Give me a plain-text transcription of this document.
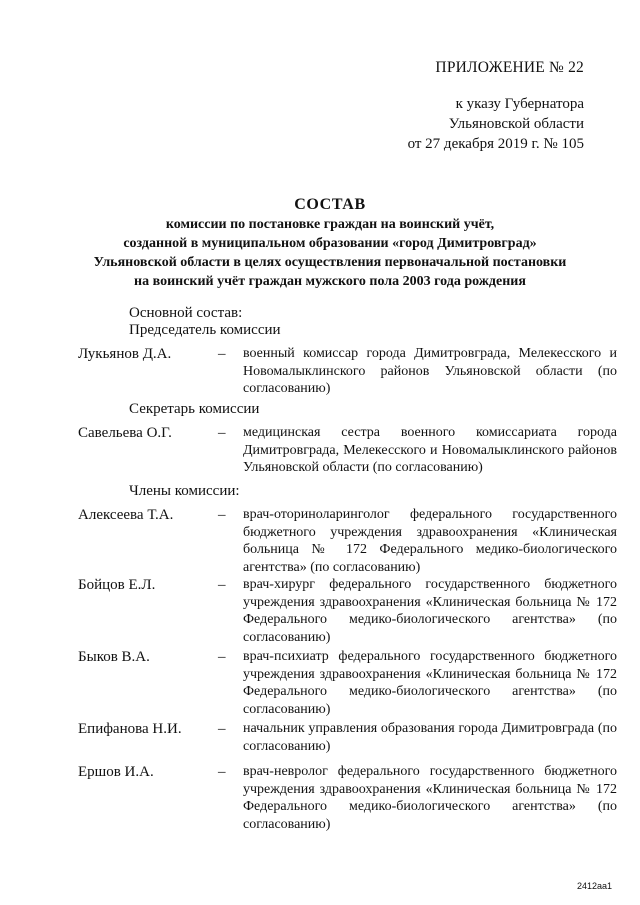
ПРИЛОЖЕНИЕ № 22
к указу Губернатора
Ульяновской области
от 27 декабря 2019 г. № 105
СОСТАВ
комиссии по постановке граждан на воинский учёт,
созданной в муниципальном образовании «город Димитровград»
Ульяновской области в целях осуществления первоначальной постановки
на воинский учёт граждан мужского пола 2003 года рождения
Основной состав:
Председатель комиссии
Лукьянов Д.А.	– военный комиссар города Димитровграда, Мелекесского и Новомалыклинского районов Ульяновской области (по согласованию)
Секретарь комиссии
Савельева О.Г.	– медицинская сестра военного комиссариата города Димитровграда, Мелекесского и Новомалыклинского районов Ульяновской области (по согласованию)
Члены комиссии:
Алексеева Т.А.	– врач-оториноларинголог федерального государственного бюджетного учреждения здравоохранения «Клиническая больница № 172 Федерального медико-биологического агентства» (по согласованию)
Бойцов Е.Л.	– врач-хирург федерального государственного бюджетного учреждения здравоохранения «Клиническая больница № 172 Федерального медико-биологического агентства» (по согласованию)
Быков В.А.	– врач-психиатр федерального государственного бюджетного учреждения здравоохранения «Клиническая больница № 172 Федерального медико-биологического агентства» (по согласованию)
Епифанова Н.И. – начальник управления образования города Димитровграда (по согласованию)
Ершов И.А.	– врач-невролог федерального государственного бюджетного учреждения здравоохранения «Клиническая больница № 172 Федерального медико-биологического агентства» (по согласованию)
2412aa1
